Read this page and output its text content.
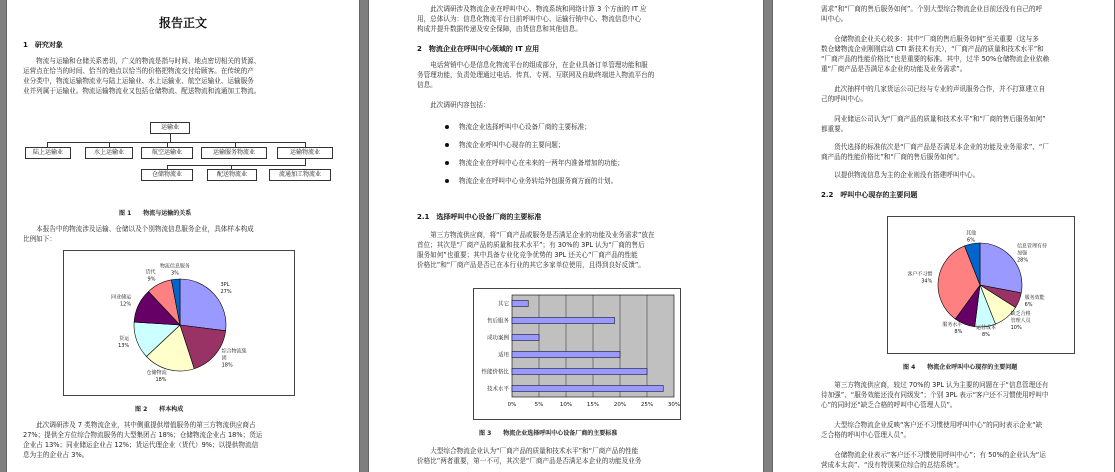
报告正文
1　研究对象
　　物流与运输和仓储关系密切，广义的物流是指与时间、地点密切相关的货源、
运营点在恰当的时间、恰当的地点以恰当的价格把物流交付给顾客。在传统的产
业分类中，物流运输物流业与陆上运输业、水上运输业、航空运输业、运输服务
业并列属于运输业。物流运输物流业又包括仓储物流、配送物流和流通加工物流。
运输业
陆上运输业	水上运输业	航空运输业	运输服务物流业	运输物流业
仓储物流业	配送物流业	流通加工物流业
图 1　　物流与运输的关系
　　本报告中的物流涉及运输、仓储以及个别物流信息服务企业，具体样本构成
比例如下：
3PL 27%
综合物流集团 18%
仓储物流 18%
货运 13%
同业储运 12%
货代 9%
物流信息服务 3%
图 2　　样本构成
　　此次调研涉及 7 类物流企业，其中侧重提供增值服务的第三方物流供应商占
27%；提供全方位综合物流服务的大型集团占 18%；仓储物流企业占 18%；货运
企业占 13%；同业储运企业占 12%；货运代理企业（货代）9%；以提供物流信
息为主的企业占 3%。
　　此次调研涉及物流企业在呼叫中心、物流系统和网络计算 3 个方面的 IT 应
用，总体认为：信息化物流平台目前呼叫中心、运输行销中心、物流信息中心
构成并提升数据传递及安全保障，由货信息和其他信息。
2　物流企业在呼叫中心领域的 IT 应用
　　电话营销中心是信息化物流平台的组成部分，在企业具备订单管理功能和服
务管理功能，负责处理通过电话、传真、专网、互联网及自助终端进入物流平台的
信息。
　　此次调研内容包括：
物流企业选择呼叫中心设备厂商的主要标准；
物流企业呼叫中心现存的主要问题；
物流企业在呼叫中心在未来的一两年内准备增加的功能；
物流企业在呼叫中心业务转给外包服务商方面的计划。
2.1　选择呼叫中心设备厂商的主要标准
　　第三方物流供应商，将“厂商产品或服务是否满足企业的功能及业务需求”放在
首位；其次是“厂商产品的质量和技术水平”；有 30%的 3PL 认为“厂商的售后
服务如何”也重要；其中具备专业化竞争优势的 3PL 还关心“厂商产品的性能
价格比”和“厂商产品是否已在本行业的其它多家单位使用，且得到良好反馈”。
0%	5%	10%	15%	20%	25%	30%
其它
售后服务
成功案例
适用
性能价格比
技术水平
图 3　　物流企业选择呼叫中心设备厂商的主要标准
　　大型综合物流企业认为“厂商产品的质量和技术水平”和“厂商产品的性能
价格比”两者重要，第一不可，其次是“厂商产品是否满足本企业的功能及业务
需求”和“厂商的售后服务如何”。个别大型综合物流企业目前还没有自己的呼
叫中心。
　　仓储物流企业关心较多：其中“厂商的售后服务如何”至关重要（这与多
数仓储物流企业刚刚启动 CTI 新技术有关），“厂商产品的质量和技术水平”和
“厂商产品的性能价格比”也是重要的标准。其中，过半 50%仓储物流企业依赖
重“厂商产品是否满足本企业的功能及业务需求”。
　　此次抽样中的几家货运公司已经与专业的声讯服务合作，并不打算建立自
己的呼叫中心。
　　同业储运公司认为“厂商产品的质量和技术水平”和“厂商的售后服务如何”
都重要。
　　货代选择的标准依次是“厂商产品是否满足本企业的功能及业务需求”、“厂
商产品的性能价格比”和“厂商的售后服务如何”。
　　以提供物流信息为主的企业则没有搭建呼叫中心。
2.2　呼叫中心现存的主要问题
信息管理有待加强 28%
服务效能 6%
缺乏合格管理人员 10%
运营成本 8%
服务水平 8%
客户不习惯 34%
其他 6%
图 4　　物流企业呼叫中心现存的主要问题
　　第三方物流供应商，较过 70%的 3PL 认为主要的问题在于“信息管理还有
待加强”、“服务效能还没有同级发”；个别 3PL 表示“客户还不习惯使用呼叫中
心”的同时还“缺乏合格的呼叫中心管理人员”。
　　大型综合物流企业反映“客户还不习惯使用呼叫中心”的同时表示企业“缺
乏合格的呼叫中心管理人员”。
　　仓储物流企业表示“客户还不习惯使用呼叫中心”；有 50%的企业认为“运
营成本太高”、“没有特别果位综合的总结系统”。
